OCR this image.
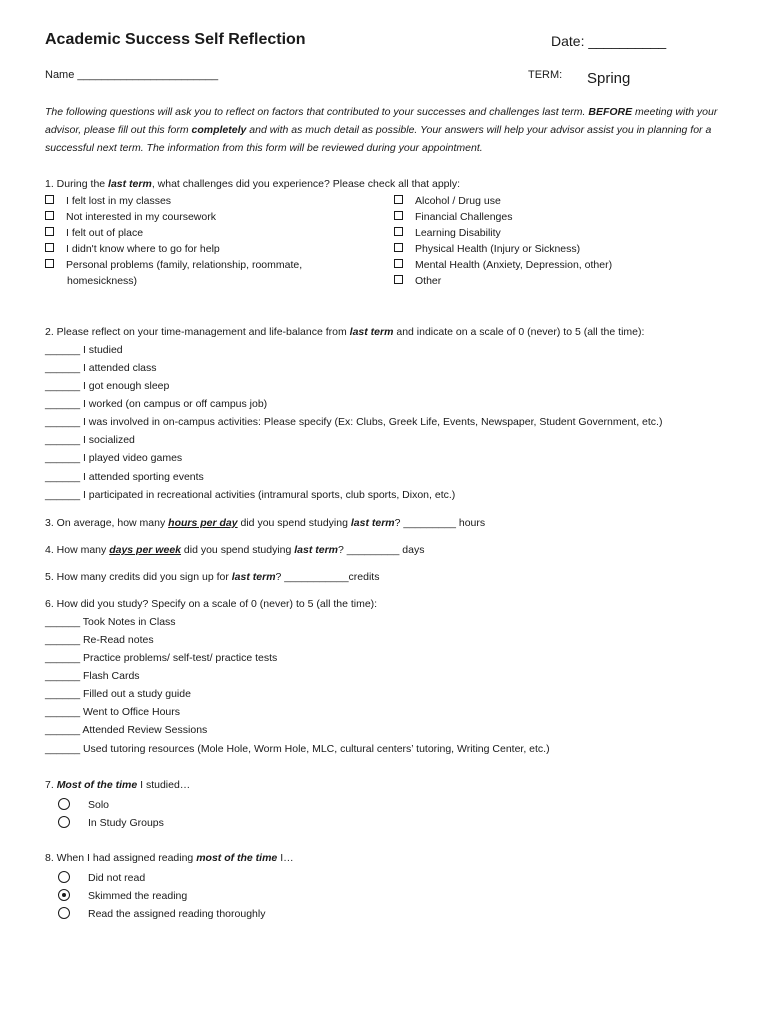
Academic Success Self Reflection	Date: __________
Name _______________________	TERM: Spring
The following questions will ask you to reflect on factors that contributed to your successes and challenges last term. BEFORE meeting with your advisor, please fill out this form completely and with as much detail as possible. Your answers will help your advisor assist you in planning for a successful next term. The information from this form will be reviewed during your appointment.
1. During the last term, what challenges did you experience? Please check all that apply:
I felt lost in my classes
Not interested in my coursework
I felt out of place
I didn't know where to go for help
Personal problems (family, relationship, roommate,
homesickness)
Alcohol / Drug use
Financial Challenges
Learning Disability
Physical Health (Injury or Sickness)
Mental Health (Anxiety, Depression, other)
Other
2. Please reflect on your time-management and life-balance from last term and indicate on a scale of 0 (never) to 5 (all the time):
______ I studied
______ I attended class
______ I got enough sleep
______ I worked (on campus or off campus job)
______ I was involved in on-campus activities: Please specify (Ex: Clubs, Greek Life, Events, Newspaper, Student Government, etc.)
______ I socialized
______ I played video games
______ I attended sporting events
______ I participated in recreational activities (intramural sports, club sports, Dixon, etc.)
3. On average, how many hours per day did you spend studying last term? _________ hours
4. How many days per week did you spend studying last term? _________ days
5. How many credits did you sign up for last term? ___________credits
6. How did you study? Specify on a scale of 0 (never) to 5 (all the time):
______ Took Notes in Class
______ Re-Read notes
______ Practice problems/ self-test/ practice tests
______ Flash Cards
______ Filled out a study guide
______ Went to Office Hours
______ Attended Review Sessions
______ Used tutoring resources (Mole Hole, Worm Hole, MLC, cultural centers’ tutoring, Writing Center, etc.)
7. Most of the time I studied…
Solo
In Study Groups
8. When I had assigned reading most of the time I…
Did not read
Skimmed the reading
Read the assigned reading thoroughly
